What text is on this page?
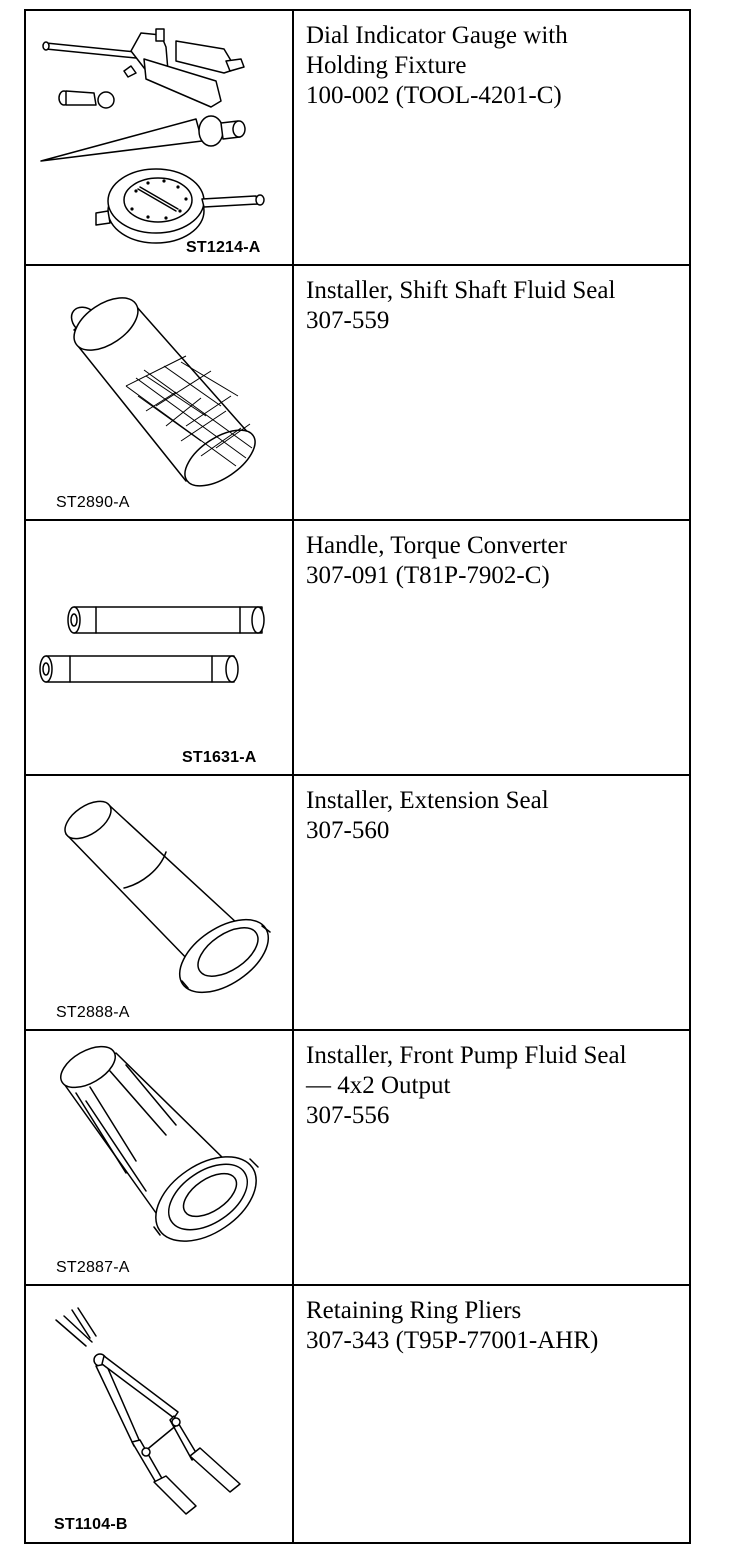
ST1214-A
Dial Indicator Gauge with
Holding Fixture
100-002 (TOOL-4201-C)
ST2890-A
Installer, Shift Shaft Fluid Seal
307-559
ST1631-A
Handle, Torque Converter
307-091 (T81P-7902-C)
ST2888-A
Installer, Extension Seal
307-560
ST2887-A
Installer, Front Pump Fluid Seal
— 4x2 Output
307-556
ST1104-B
Retaining Ring Pliers
307-343 (T95P-77001-AHR)
